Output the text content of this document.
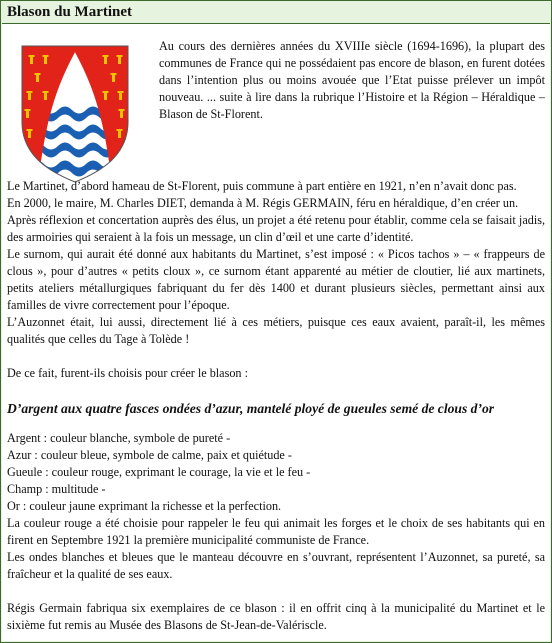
Blason du Martinet

Au cours des dernières années du XVIIIe siècle (1694-1696), la plupart des communes de France qui ne possédaient pas encore de blason, en furent dotées dans l’intention plus ou moins avouée que l’Etat puisse prélever un impôt nouveau. ... suite à lire dans la rubrique l’Histoire et la Région – Héraldique – Blason de St-Florent.

Le Martinet, d’abord hameau de St-Florent, puis commune à part entière en 1921, n’en n’avait donc pas.

En 2000, le maire, M. Charles DIET, demanda à M. Régis GERMAIN, féru en héraldique, d’en créer un.

Après réflexion et concertation auprès des élus, un projet a été retenu pour établir, comme cela se faisait jadis, des armoiries qui seraient à la fois un message, un clin d’œil et une carte d’identité.

Le surnom, qui aurait été donné aux habitants du Martinet, s’est imposé : « Picos tachos » – « frappeurs de clous », pour d’autres « petits cloux », ce surnom étant apparenté au métier de cloutier, lié aux martinets, petits ateliers métallurgiques fabriquant du fer dès 1400 et durant plusieurs siècles, permettant ainsi aux familles de vivre correctement pour l’époque.

L’Auzonnet était, lui aussi, directement lié à ces métiers, puisque ces eaux avaient, paraît-il, les mêmes qualités que celles du Tage à Tolède !

De ce fait, furent-ils choisis pour créer le blason :

D’argent aux quatre fasces ondées d’azur, mantelé ployé de gueules semé de clous d’or

Argent : couleur blanche, symbole de pureté -

Azur : couleur bleue, symbole de calme, paix et quiétude -

Gueule : couleur rouge, exprimant le courage, la vie et le feu -

Champ : multitude -

Or : couleur jaune exprimant la richesse et la perfection.

La couleur rouge a été choisie pour rappeler le feu qui animait les forges et le choix de ses habitants qui en firent en Septembre 1921 la première municipalité communiste de France.

Les ondes blanches et bleues que le manteau découvre en s’ouvrant, représentent l’Auzonnet, sa pureté, sa fraîcheur et la qualité de ses eaux.

Régis Germain fabriqua six exemplaires de ce blason : il en offrit cinq à la municipalité du Martinet et le sixième fut remis au Musée des Blasons de St-Jean-de-Valériscle.
